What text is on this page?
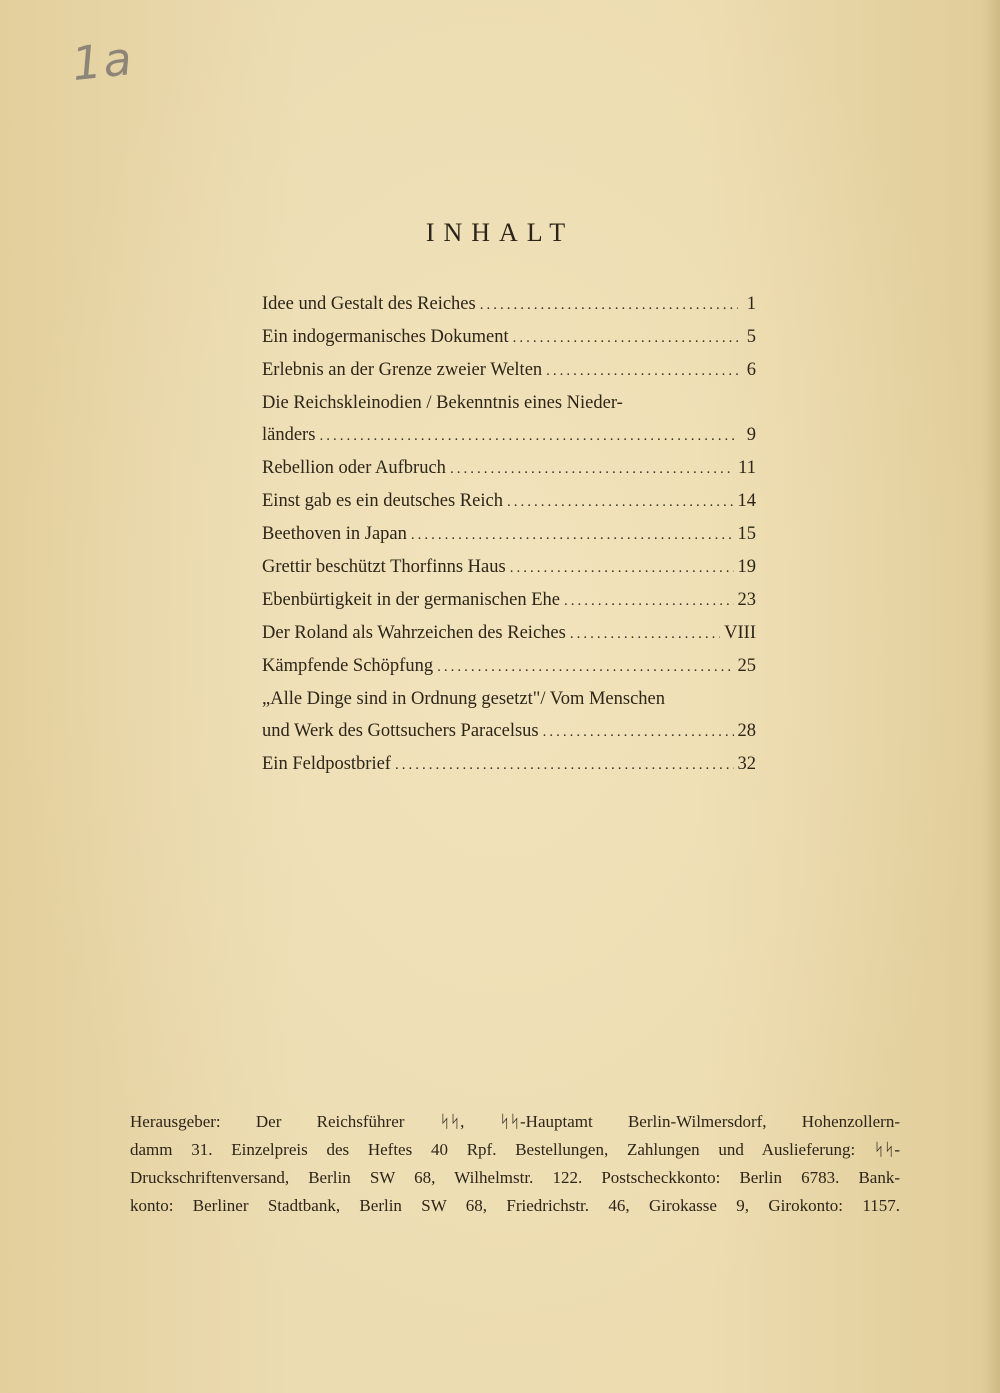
1a
INHALT
Idee und Gestalt des Reiches .....	1
Ein indogermanisches Dokument .....	5
Erlebnis an der Grenze zweier Welten .....	6
Die Reichskleinodien / Bekenntnis eines Nieder-
länders .....	9
Rebellion oder Aufbruch .....	11
Einst gab es ein deutsches Reich .....	14
Beethoven in Japan .....	15
Grettir beschützt Thorfinns Haus .....	19
Ebenbürtigkeit in der germanischen Ehe .....	23
Der Roland als Wahrzeichen des Reiches .....	VIII
Kämpfende Schöpfung .....	25
„Alle Dinge sind in Ordnung gesetzt"/ Vom Menschen
und Werk des Gottsuchers Paracelsus .....	28
Ein Feldpostbrief .....	32
Herausgeber: Der Reichsführer ᛋᛋ, ᛋᛋ-Hauptamt Berlin-Wilmersdorf, Hohenzollern-
damm 31. Einzelpreis des Heftes 40 Rpf. Bestellungen, Zahlungen und Auslieferung: ᛋᛋ-
Druckschriftenversand, Berlin SW 68, Wilhelmstr. 122. Postscheckkonto: Berlin 6783. Bank-
konto: Berliner Stadtbank, Berlin SW 68, Friedrichstr. 46, Girokasse 9, Girokonto: 1157.
